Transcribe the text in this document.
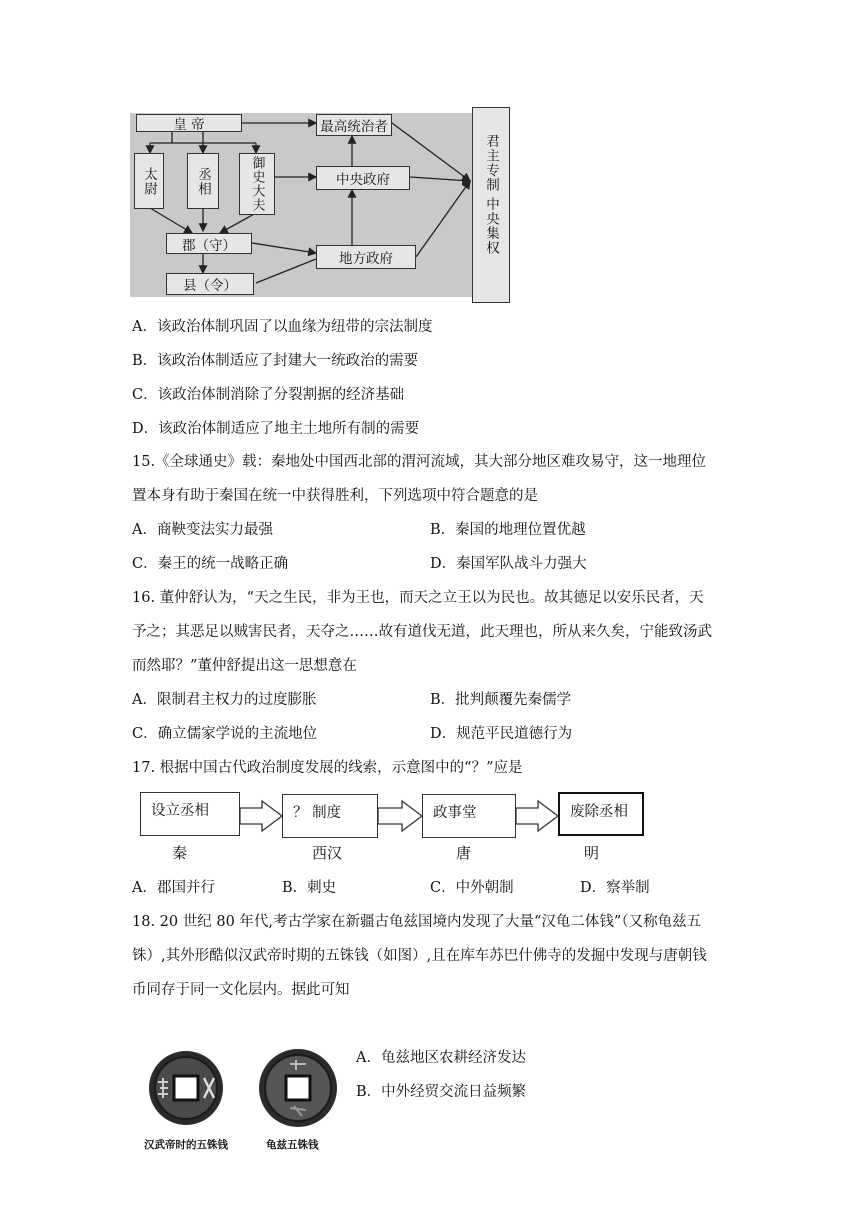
皇 帝
太尉	丞相	御史大夫
郡（守）
县（令）
最高统治者
中央政府
地方政府
君主专制 中央集权
A．该政治体制巩固了以血缘为纽带的宗法制度
B．该政治体制适应了封建大一统政治的需要
C．该政治体制消除了分裂割据的经济基础
D．该政治体制适应了地主土地所有制的需要
15.《全球通史》载：秦地处中国西北部的渭河流域，其大部分地区难攻易守，这一地理位
置本身有助于秦国在统一中获得胜利，下列选项中符合题意的是
A．商鞅变法实力最强	B．秦国的地理位置优越
C．秦王的统一战略正确	D．秦国军队战斗力强大
16. 董仲舒认为，“天之生民，非为王也，而天之立王以为民也。故其德足以安乐民者，天
予之；其恶足以贼害民者，天夺之……故有道伐无道，此天理也，所从来久矣，宁能致汤武
而然耶？”董仲舒提出这一思想意在
A．限制君主权力的过度膨胀	B．批判颠覆先秦儒学
C．确立儒家学说的主流地位	D．规范平民道德行为
17. 根据中国古代政治制度发展的线索，示意图中的“？”应是
设立丞相	？ 制度	政事堂	废除丞相
秦	西汉	唐	明
A．郡国并行	B．刺史	C．中外朝制	D．察举制
18. 20 世纪 80 年代,考古学家在新疆古龟兹国境内发现了大量“汉龟二体钱”（又称龟兹五
铢）,其外形酷似汉武帝时期的五铢钱（如图）,且在库车苏巴什佛寺的发掘中发现与唐朝钱
币同存于同一文化层内。据此可知
汉武帝时的五铢钱	龟兹五铢钱
A．龟兹地区农耕经济发达
B．中外经贸交流日益频繁
